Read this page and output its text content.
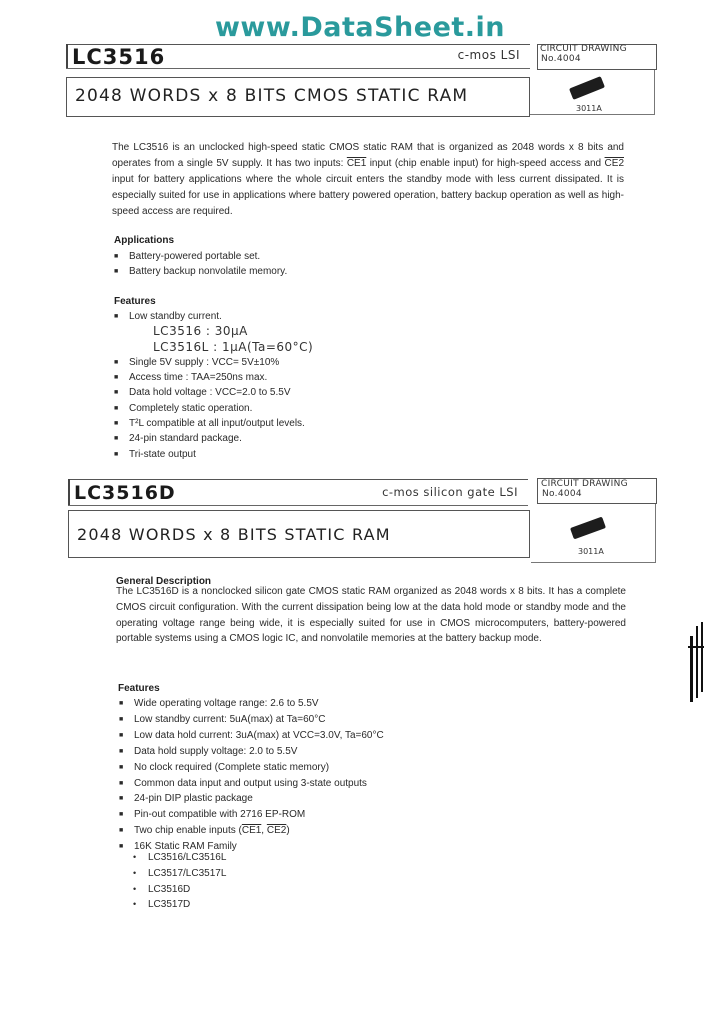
www.DataSheet.in
LC3516	c-mos LSI CIRCUIT DRAWING
No.4004
2048 WORDS x 8 BITS CMOS STATIC RAM
3011A
The LC3516 is an unclocked high-speed static CMOS static RAM that is organized as 2048 words x 8 bits and operates from a single 5V supply. It has two inputs: CE1 input (chip enable input) for high-speed access and CE2 input for battery applications where the whole circuit enters the standby mode with less current dissipated. It is especially suited for use in applications where battery powered operation, battery backup operation as well as high-speed access are required.
Applications
■ Battery-powered portable set.
■ Battery backup nonvolatile memory.
Features
■ Low standby current.
LC3516 : 30μA
LC3516L : 1μA(Ta=60°C)
■ Single 5V supply : VCC= 5V±10%
■ Access time : TAA=250ns max.
■ Data hold voltage : VCC=2.0 to 5.5V
■ Completely static operation.
■ T²L compatible at all input/output levels.
■ 24-pin standard package.
■ Tri-state output
LC3516D	c-mos silicon gate LSI
CIRCUIT DRAWING
No.4004
2048 WORDS x 8 BITS STATIC RAM
3011A
General Description
The LC3516D is a nonclocked silicon gate CMOS static RAM organized as 2048 words x 8 bits. It has a complete CMOS circuit configuration. With the current dissipation being low at the data hold mode or standby mode and the operating voltage range being wide, it is especially suited for use in CMOS microcomputers, battery-powered portable systems using a CMOS logic IC, and nonvolatile memories at the battery backup mode.
Features
■ Wide operating voltage range: 2.6 to 5.5V
■ Low standby current: 5uA(max) at Ta=60°C
■ Low data hold current: 3uA(max) at VCC=3.0V, Ta=60°C
■ Data hold supply voltage: 2.0 to 5.5V
■ No clock required (Complete static memory)
■ Common data input and output using 3-state outputs
■ 24-pin DIP plastic package
■ Pin-out compatible with 2716 EP-ROM
■ Two chip enable inputs (CE1, CE2)
■ 16K Static RAM Family
• LC3516/LC3516L
• LC3517/LC3517L
• LC3516D
• LC3517D
